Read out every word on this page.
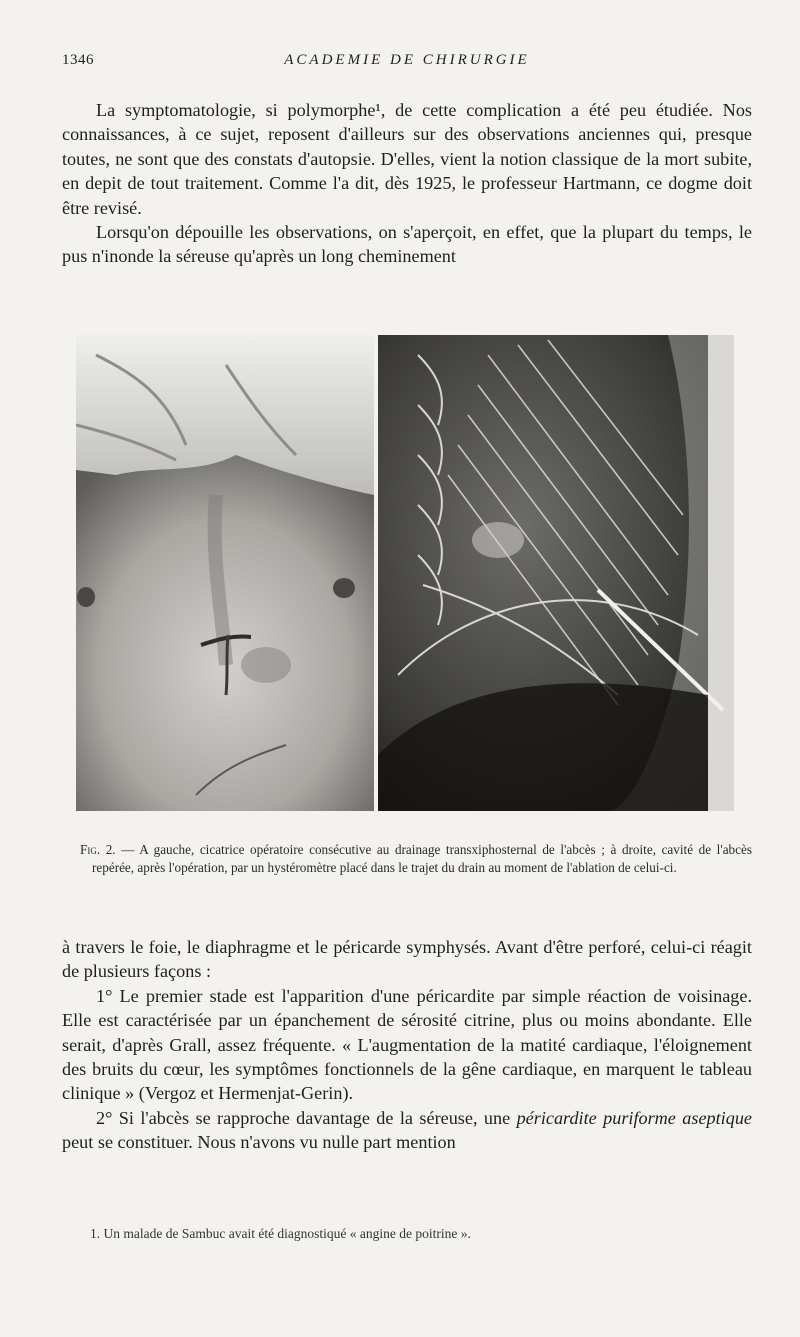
1346	ACADEMIE DE CHIRURGIE

La symptomatologie, si polymorphe¹, de cette complication a été peu étudiée. Nos connaissances, à ce sujet, reposent d'ailleurs sur des observations anciennes qui, presque toutes, ne sont que des constats d'autopsie. D'elles, vient la notion classique de la mort subite, en depit de tout traitement. Comme l'a dit, dès 1925, le professeur Hartmann, ce dogme doit être revisé.

Lorsqu'on dépouille les observations, on s'aperçoit, en effet, que la plupart du temps, le pus n'inonde la séreuse qu'après un long cheminement

Fig. 2. — A gauche, cicatrice opératoire consécutive au drainage transxiphosternal de l'abcès ; à droite, cavité de l'abcès repérée, après l'opération, par un hystéromètre placé dans le trajet du drain au moment de l'ablation de celui-ci.

à travers le foie, le diaphragme et le péricarde symphysés. Avant d'être perforé, celui-ci réagit de plusieurs façons :

1° Le premier stade est l'apparition d'une péricardite par simple réaction de voisinage. Elle est caractérisée par un épanchement de sérosité citrine, plus ou moins abondante. Elle serait, d'après Grall, assez fréquente. « L'augmentation de la matité cardiaque, l'éloignement des bruits du cœur, les symptômes fonctionnels de la gêne cardiaque, en marquent le tableau clinique » (Vergoz et Hermenjat-Gerin).

2° Si l'abcès se rapproche davantage de la séreuse, une péricardite puriforme aseptique peut se constituer. Nous n'avons vu nulle part mention

1. Un malade de Sambuc avait été diagnostiqué « angine de poitrine ».
